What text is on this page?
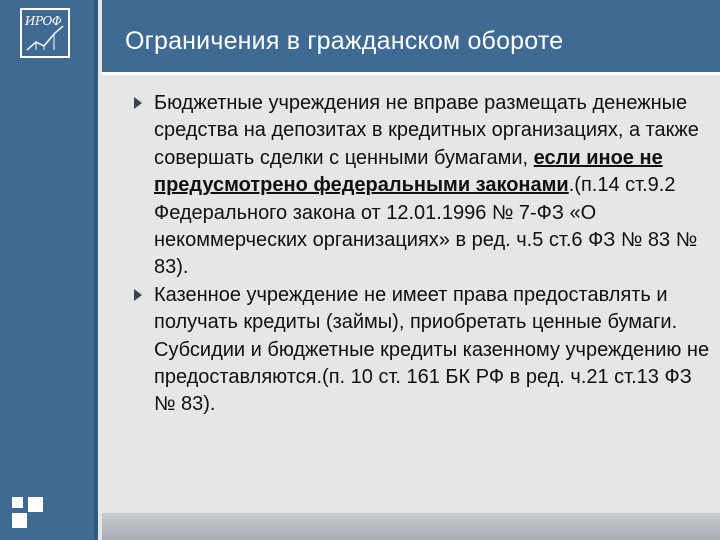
ИРОФ
Ограничения в гражданском обороте
Бюджетные учреждения не вправе размещать денежные средства на депозитах в кредитных организациях, а также совершать сделки с ценными бумагами, если иное не предусмотрено федеральными законами.(п.14 ст.9.2 Федерального закона от 12.01.1996 № 7-ФЗ «О некоммерческих организациях» в ред. ч.5 ст.6 ФЗ № 83 № 83).
Казенное учреждение не имеет права предоставлять и получать кредиты (займы), приобретать ценные бумаги. Субсидии и бюджетные кредиты казенному учреждению не предоставляются.(п. 10 ст. 161 БК РФ в ред. ч.21 ст.13 ФЗ № 83).
